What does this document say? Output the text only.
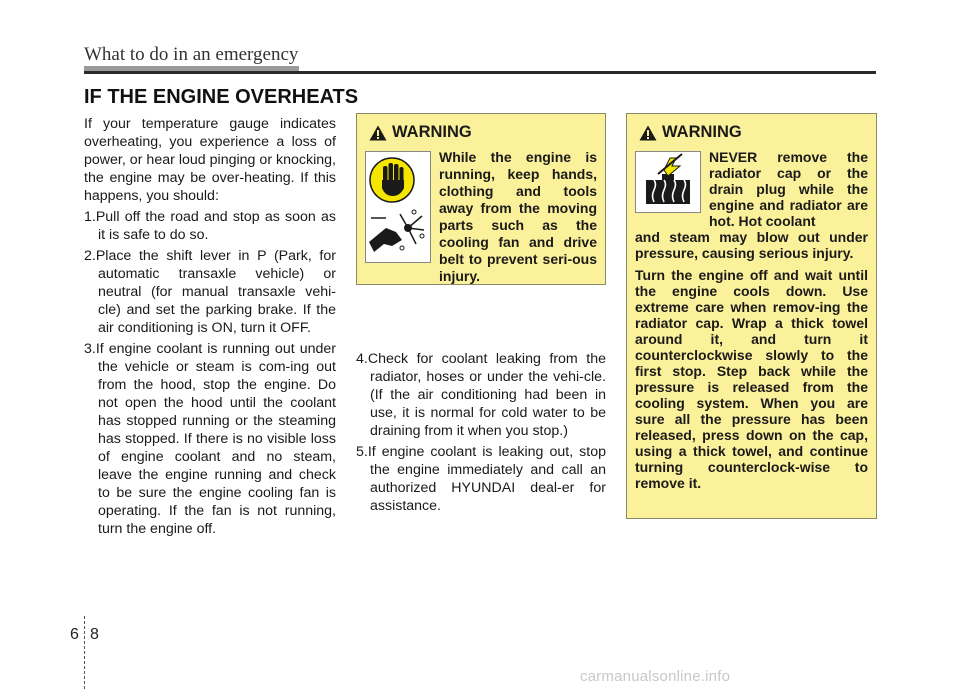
What to do in an emergency
IF THE ENGINE OVERHEATS

If your temperature gauge indicates overheating, you experience a loss of power, or hear loud pinging or knocking, the engine may be over-heating. If this happens, you should:

1.Pull off the road and stop as soon as it is safe to do so.

2.Place the shift lever in P (Park, for automatic transaxle vehicle) or neutral (for manual transaxle vehi-cle) and set the parking brake. If the air conditioning is ON, turn it OFF.

3.If engine coolant is running out under the vehicle or steam is com-ing out from the hood, stop the engine. Do not open the hood until the coolant has stopped running or the steaming has stopped. If there is no visible loss of engine coolant and no steam, leave the engine running and check to be sure the engine cooling fan is operating. If the fan is not running, turn the engine off.

WARNING
While the engine is running, keep hands, clothing and tools away from the moving parts such as the cooling fan and drive belt to prevent seri-ous injury.

4.Check for coolant leaking from the radiator, hoses or under the vehi-cle. (If the air conditioning had been in use, it is normal for cold water to be draining from it when you stop.)

5.If engine coolant is leaking out, stop the engine immediately and call an authorized HYUNDAI deal-er for assistance.

WARNING
NEVER remove the radiator cap or the drain plug while the engine and radiator are hot. Hot coolant

and steam may blow out under pressure, causing serious injury.

Turn the engine off and wait until the engine cools down. Use extreme care when remov-ing the radiator cap. Wrap a thick towel around it, and turn it counterclockwise slowly to the first stop. Step back while the pressure is released from the cooling system. When you are sure all the pressure has been released, press down on the cap, using a thick towel, and continue turning counterclock-wise to remove it.

6 8
carmanualsonline.info
